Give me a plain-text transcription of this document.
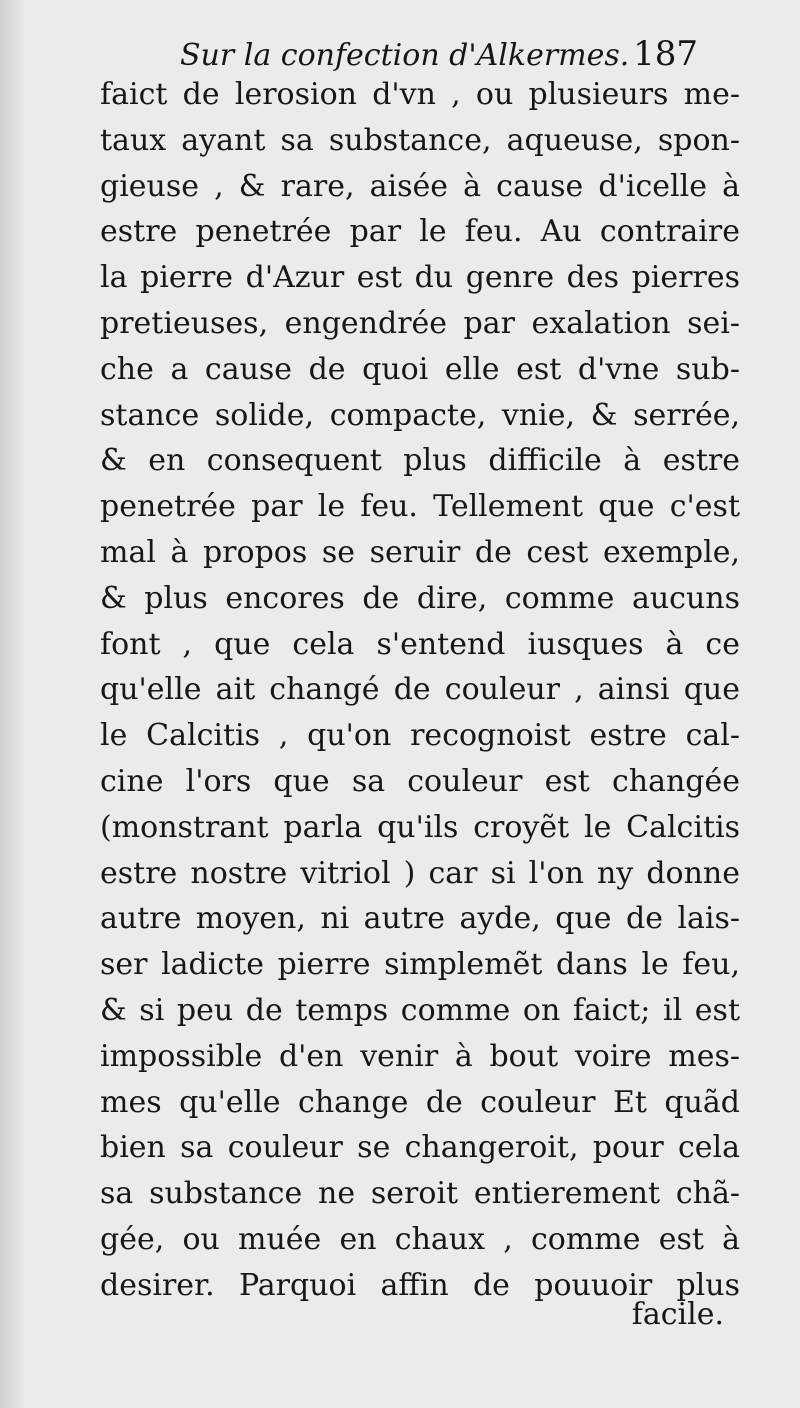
Sur la confection d'Alkermes. 187
faict de lerosion d'vn , ou plusieurs me-
taux ayant sa substance, aqueuse, spon-
gieuse , & rare, aisée à cause d'icelle à
estre penetrée par le feu. Au contraire
la pierre d'Azur est du genre des pierres
pretieuses, engendrée par exalation sei-
che a cause de quoi elle est d'vne sub-
stance solide, compacte, vnie, & serrée,
& en consequent plus difficile à estre
penetrée par le feu. Tellement que c'est
mal à propos se seruir de cest exemple,
& plus encores de dire, comme aucuns
font , que cela s'entend iusques à ce
qu'elle ait changé de couleur , ainsi que
le Calcitis , qu'on recognoist estre cal-
cine l'ors que sa couleur est changée
(monstrant parla qu'ils croyẽt le Calcitis
estre nostre vitriol ) car si l'on ny donne
autre moyen, ni autre ayde, que de lais-
ser ladicte pierre simplemẽt dans le feu,
& si peu de temps comme on faict; il est
impossible d'en venir à bout voire mes-
mes qu'elle change de couleur Et quãd
bien sa couleur se changeroit, pour cela
sa substance ne seroit entierement chã-
gée, ou muée en chaux , comme est à
desirer. Parquoi affin de pouuoir plus
facile.
